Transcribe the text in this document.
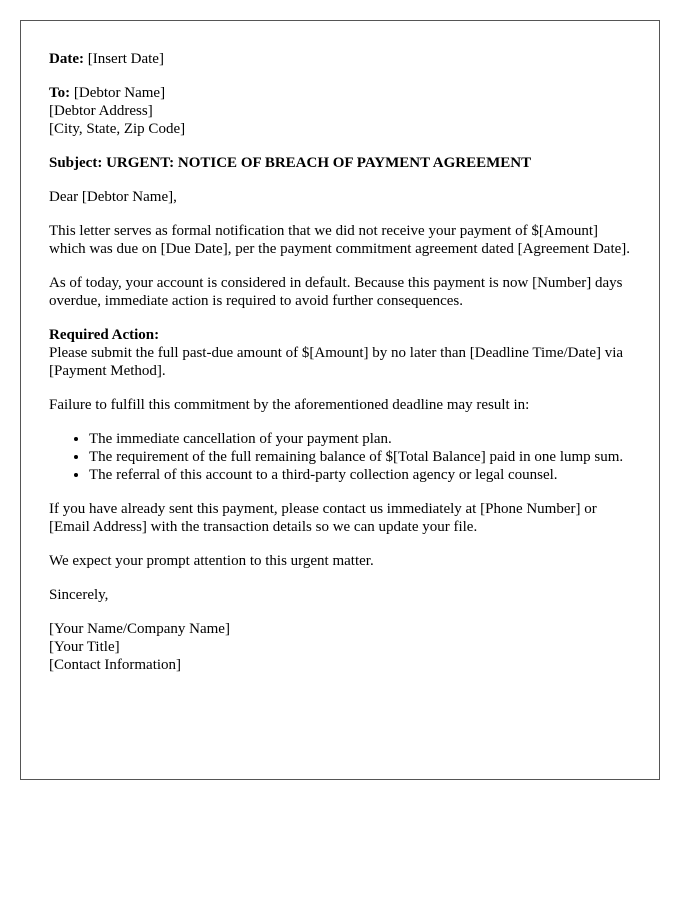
Date: [Insert Date]

To: [Debtor Name]
[Debtor Address]
[City, State, Zip Code]

Subject: URGENT: NOTICE OF BREACH OF PAYMENT AGREEMENT

Dear [Debtor Name],

This letter serves as formal notification that we did not receive your payment of $[Amount] which was due on [Due Date], per the payment commitment agreement dated [Agreement Date].

As of today, your account is considered in default. Because this payment is now [Number] days overdue, immediate action is required to avoid further consequences.

Required Action:
Please submit the full past-due amount of $[Amount] by no later than [Deadline Time/Date] via [Payment Method].

Failure to fulfill this commitment by the aforementioned deadline may result in:

• The immediate cancellation of your payment plan.
• The requirement of the full remaining balance of $[Total Balance] paid in one lump sum.
• The referral of this account to a third-party collection agency or legal counsel.

If you have already sent this payment, please contact us immediately at [Phone Number] or [Email Address] with the transaction details so we can update your file.

We expect your prompt attention to this urgent matter.

Sincerely,

[Your Name/Company Name]
[Your Title]
[Contact Information]
